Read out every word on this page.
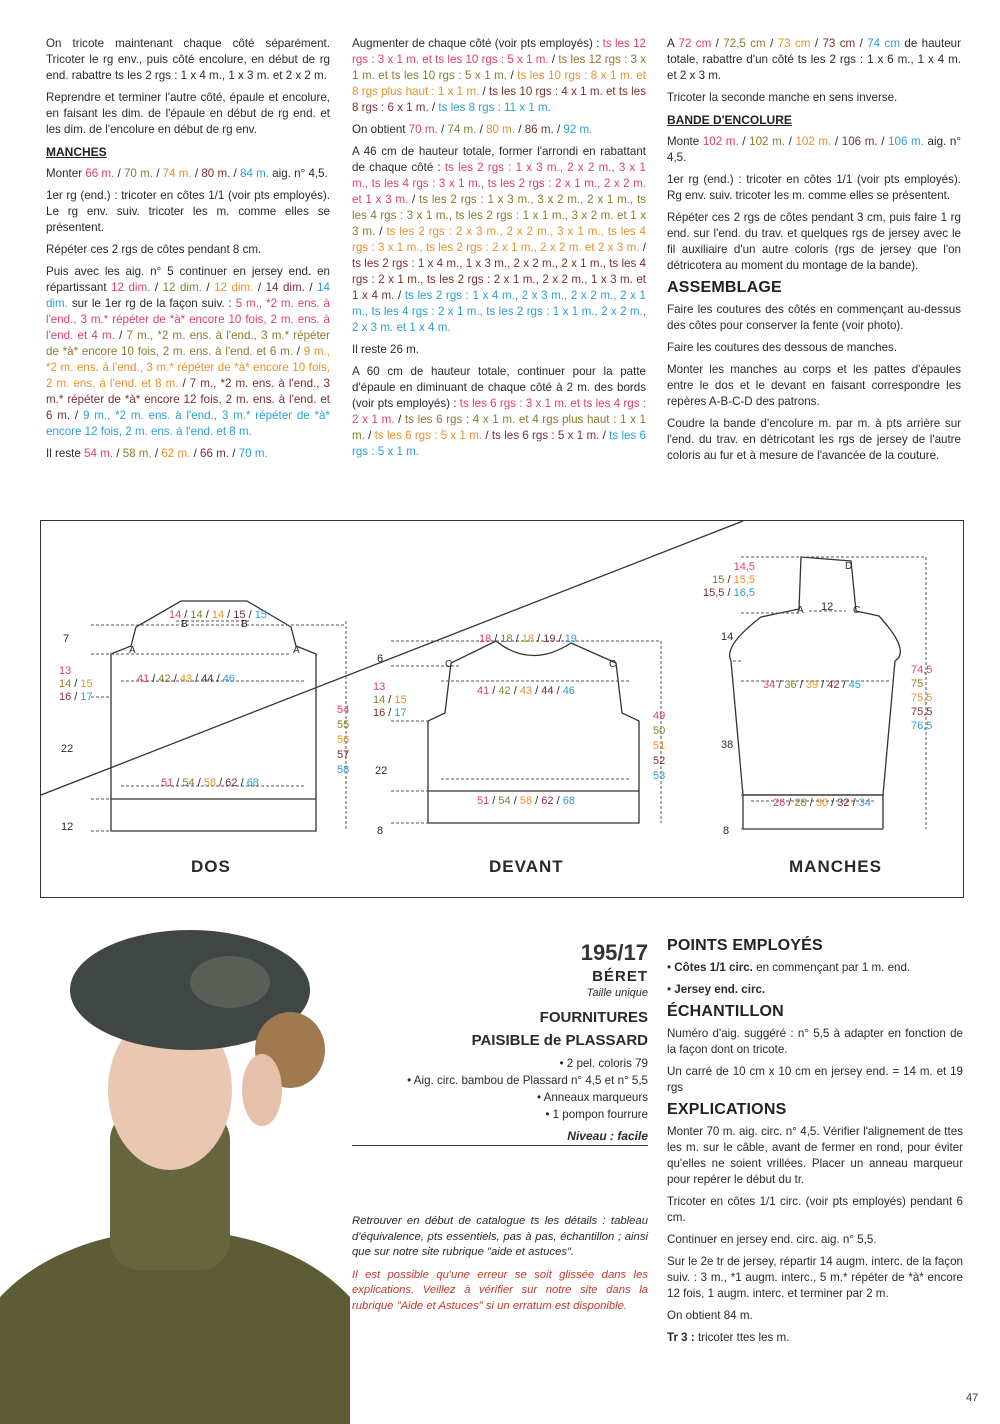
On tricote maintenant chaque côté séparément. Tricoter le rg env., puis côté encolure, en début de rg end. rabattre ts les 2 rgs : 1 x 4 m., 1 x 3 m. et 2 x 2 m.

Reprendre et terminer l'autre côté, épaule et encolure, en faisant les dim. de l'épaule en début de rg end. et les dim. de l'encolure en début de rg env.

MANCHES

Monter 66 m. / 70 m. / 74 m. / 80 m. / 84 m. aig. n° 4,5.

1er rg (end.) : tricoter en côtes 1/1 (voir pts employés). Le rg env. suiv. tricoter les m. comme elles se présentent.

Répéter ces 2 rgs de côtes pendant 8 cm.

Puis avec les aig. n° 5 continuer en jersey end. en répartissant 12 dim. / 12 dim. / 12 dim. / 14 dim. / 14 dim. sur le 1er rg de la façon suiv. : 5 m., *2 m. ens. à l'end., 3 m.* répéter de *à* encore 10 fois, 2 m. ens. à l'end. et 4 m. / 7 m., *2 m. ens. à l'end., 3 m.* répéter de *à* encore 10 fois, 2 m. ens. à l'end. et 6 m. / 9 m., *2 m. ens. à l'end., 3 m.* répéter de *à* encore 10 fois, 2 m. ens. à l'end. et 8 m. / 7 m., *2 m. ens. à l'end., 3 m.* répéter de *à* encore 12 fois, 2 m. ens. à l'end. et 6 m. / 9 m., *2 m. ens. à l'end., 3 m.* répéter de *à* encore 12 fois, 2 m. ens. à l'end. et 8 m.

Il reste 54 m. / 58 m. / 62 m. / 66 m. / 70 m.

Augmenter de chaque côté (voir pts employés) : ts les 12 rgs : 3 x 1 m. et ts les 10 rgs : 5 x 1 m. / ts les 12 rgs : 3 x 1 m. et ts les 10 rgs : 5 x 1 m. / ts les 10 rgs : 8 x 1 m. et 8 rgs plus haut : 1 x 1 m. / ts les 10 rgs : 4 x 1 m. et ts les 8 rgs : 6 x 1 m. / ts les 8 rgs : 11 x 1 m.

On obtient 70 m. / 74 m. / 80 m. / 86 m. / 92 m.

A 46 cm de hauteur totale, former l'arrondi en rabattant de chaque côté : ts les 2 rgs : 1 x 3 m., 2 x 2 m., 3 x 1 m., ts les 4 rgs : 3 x 1 m., ts les 2 rgs : 2 x 1 m., 2 x 2 m. et 1 x 3 m. / ts les 2 rgs : 1 x 3 m., 3 x 2 m., 2 x 1 m., ts les 4 rgs : 3 x 1 m., ts les 2 rgs : 1 x 1 m., 3 x 2 m. et 1 x 3 m. / ts les 2 rgs : 2 x 3 m., 2 x 2 m., 3 x 1 m., ts les 4 rgs : 3 x 1 m., ts les 2 rgs : 2 x 1 m., 2 x 2 m. et 2 x 3 m. / ts les 2 rgs : 1 x 4 m., 1 x 3 m., 2 x 2 m., 2 x 1 m., ts les 4 rgs : 2 x 1 m., ts les 2 rgs : 2 x 1 m., 2 x 2 m., 1 x 3 m. et 1 x 4 m. / ts les 2 rgs : 1 x 4 m., 2 x 3 m., 2 x 2 m., 2 x 1 m., ts les 4 rgs : 2 x 1 m., ts les 2 rgs : 1 x 1 m., 2 x 2 m., 2 x 3 m. et 1 x 4 m.

Il reste 26 m.

A 60 cm de hauteur totale, continuer pour la patte d'épaule en diminuant de chaque côté à 2 m. des bords (voir pts employés) : ts les 6 rgs : 3 x 1 m. et ts les 4 rgs : 2 x 1 m. / ts les 6 rgs : 4 x 1 m. et 4 rgs plus haut : 1 x 1 m. / ts les 6 rgs : 5 x 1 m. / ts les 6 rgs : 5 x 1 m. / ts les 6 rgs : 5 x 1 m.

A 72 cm / 72,5 cm / 73 cm / 73 cm / 74 cm de hauteur totale, rabattre d'un côté ts les 2 rgs : 1 x 6 m., 1 x 4 m. et 2 x 3 m.

Tricoter la seconde manche en sens inverse.

BANDE D'ENCOLURE

Monte 102 m. / 102 m. / 102 m. / 106 m. / 106 m. aig. n° 4,5.

1er rg (end.) : tricoter en côtes 1/1 (voir pts employés). Rg env. suiv. tricoter les m. comme elles se présentent.

Répéter ces 2 rgs de côtes pendant 3 cm, puis faire 1 rg end. sur l'end. du trav. et quelques rgs de jersey avec le fil auxiliaire d'un autre coloris (rgs de jersey que l'on détricotera au moment du montage de la bande).

ASSEMBLAGE

Faire les coutures des côtés en commençant au-dessus des côtes pour conserver la fente (voir photo).

Faire les coutures des dessous de manches.

Monter les manches au corps et les pattes d'épaules entre le dos et le devant en faisant correspondre les repères A-B-C-D des patrons.

Coudre la bande d'encolure m. par m. à pts arrière sur l'end. du trav. en détricotant les rgs de jersey de l'autre coloris au fur et à mesure de l'avancée de la couture.

14 / 14 / 14 / 15 / 15
B	B
A	A
7
13
14 / 15
16 / 17
22
12
41 / 42 / 43 / 44 / 46
51 / 54 / 58 / 62 / 68
54
55
56
57
58
DOS
18 / 18 / 18 / 19 / 19
C	C
6
13
14 / 15
16 / 17
22
8
41 / 42 / 43 / 44 / 46
51 / 54 / 58 / 62 / 68
49
50
51
52
53
DEVANT
14,5
15 / 15,5
15,5 / 16,5
14
38
8
12
D
A	C
34 / 36 / 39 / 42 / 45
26 / 28 / 30 / 32 / 34
74,5
75
75,5
75,5
76,5
MANCHES
195/17
BÉRET
Taille unique
FOURNITURES
PAISIBLE de PLASSARD
• 2 pel. coloris 79
• Aig. circ. bambou de Plassard n° 4,5 et n° 5,5
• Anneaux marqueurs
• 1 pompon fourrure
Niveau : facile

Retrouver en début de catalogue ts les détails : tableau d'équivalence, pts essentiels, pas à pas, échantillon ; ainsi que sur notre site rubrique "aide et astuces".

Il est possible qu'une erreur se soit glissée dans les explications. Veillez à vérifier sur notre site dans la rubrique "Aide et Astuces" si un erratum est disponible.

POINTS EMPLOYÉS

• Côtes 1/1 circ. en commençant par 1 m. end.

• Jersey end. circ.

ÉCHANTILLON

Numéro d'aig. suggéré : n° 5,5 à adapter en fonction de la façon dont on tricote.

Un carré de 10 cm x 10 cm en jersey end. = 14 m. et 19 rgs

EXPLICATIONS

Monter 70 m. aig. circ. n° 4,5. Vérifier l'alignement de ttes les m. sur le câble, avant de fermer en rond, pour éviter qu'elles ne soient vrillées. Placer un anneau marqueur pour repérer le début du tr.

Tricoter en côtes 1/1 circ. (voir pts employés) pendant 6 cm.

Continuer en jersey end. circ. aig. n° 5,5.

Sur le 2e tr de jersey, répartir 14 augm. interc. de la façon suiv. : 3 m., *1 augm. interc., 5 m.* répéter de *à* encore 12 fois, 1 augm. interc. et terminer par 2 m.

On obtient 84 m.

Tr 3 : tricoter ttes les m.

47
